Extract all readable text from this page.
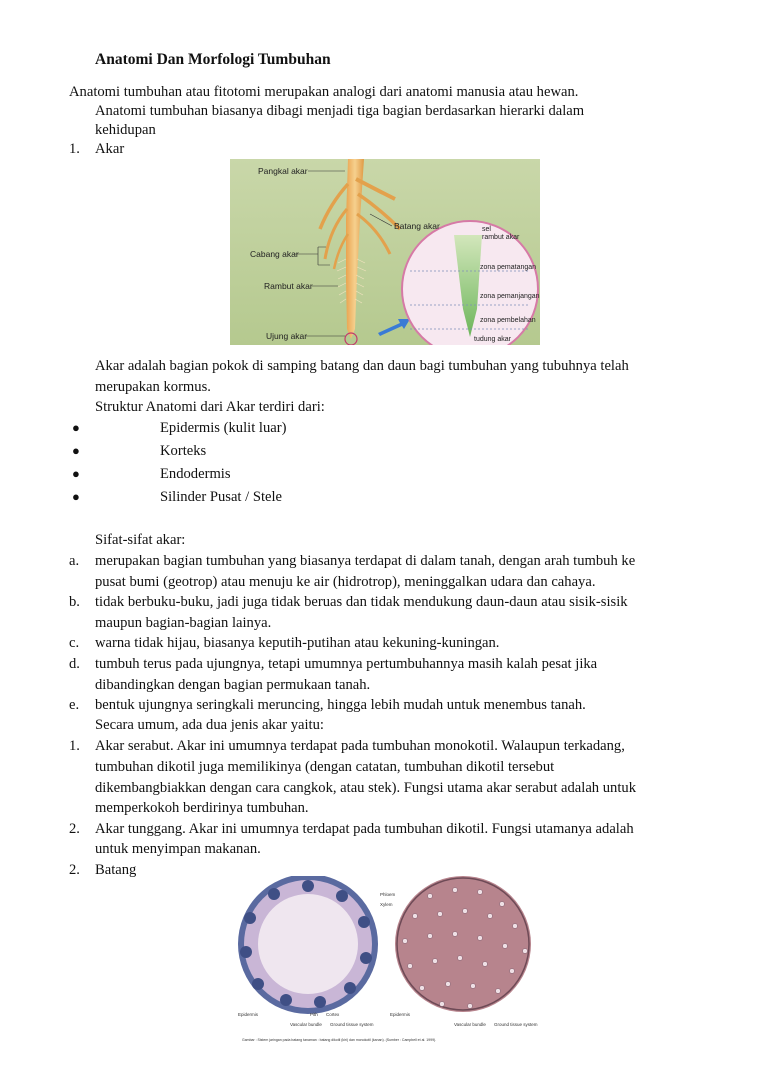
Anatomi Dan Morfologi Tumbuhan
Anatomi tumbuhan atau fitotomi merupakan analogi dari anatomi manusia atau hewan.
Anatomi tumbuhan biasanya dibagi menjadi tiga bagian berdasarkan hierarki dalam
kehidupan
1. Akar
Pangkal akar
Batang akar
Cabang akar
Rambut akar
Ujung akar
sel
rambut akar
zona pematangan
zona pemanjangan
zona pembelahan
tudung akar
Akar adalah bagian pokok di samping batang dan daun bagi tumbuhan yang tubuhnya telah
merupakan kormus.
Struktur Anatomi dari Akar terdiri dari:
●	Epidermis (kulit luar)
●	Korteks
●	Endodermis
●	Silinder Pusat / Stele
Sifat-sifat akar:
a. merupakan bagian tumbuhan yang biasanya terdapat di dalam tanah, dengan arah tumbuh ke
pusat bumi (geotrop) atau menuju ke air (hidrotrop), meninggalkan udara dan cahaya.
b. tidak berbuku-buku, jadi juga tidak beruas dan tidak mendukung daun-daun atau sisik-sisik
maupun bagian-bagian lainya.
c. warna tidak hijau, biasanya keputih-putihan atau kekuning-kuningan.
d. tumbuh terus pada ujungnya, tetapi umumnya pertumbuhannya masih kalah pesat jika
dibandingkan dengan bagian permukaan tanah.
e. bentuk ujungnya seringkali meruncing, hingga lebih mudah untuk menembus tanah.
Secara umum, ada dua jenis akar yaitu:
1. Akar serabut. Akar ini umumnya terdapat pada tumbuhan monokotil. Walaupun terkadang,
tumbuhan dikotil juga memilikinya (dengan catatan, tumbuhan dikotil tersebut
dikembangbiakkan dengan cara cangkok, atau stek). Fungsi utama akar serabut adalah untuk
memperkokoh berdirinya tumbuhan.
2. Akar tunggang. Akar ini umumnya terdapat pada tumbuhan dikotil. Fungsi utamanya adalah
untuk menyimpan makanan.
2. Batang
Phloem
Xylem
Epidermis	Pith Cortex
Vascular bundle Ground tissue system
Epidermis
Vascular bundle Ground tissue system
Gambar : Sistem jaringan pada batang tanaman : batang dikotil (kiri) dan monokotil (kanan). (Sumber : Campbell et al. 1999).
